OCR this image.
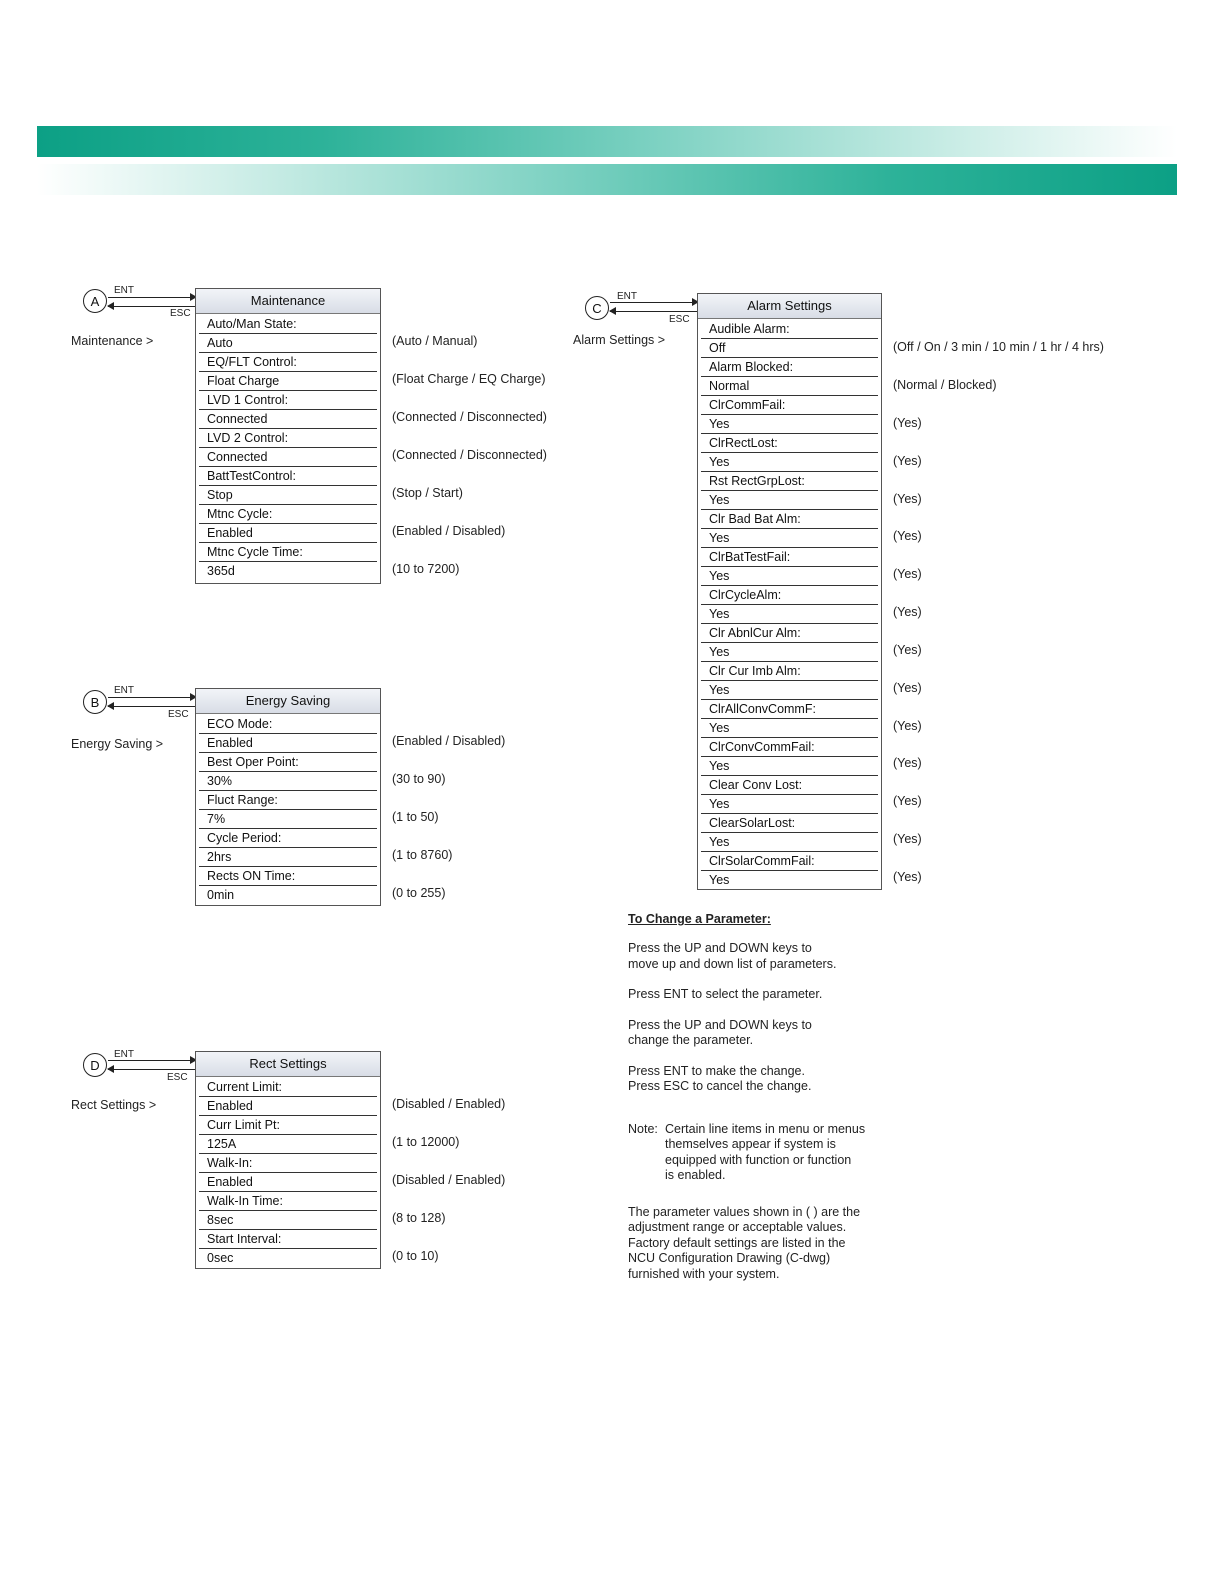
A
ENT
ESC
Maintenance >
Maintenance
Auto/Man State:
Auto
EQ/FLT Control:
Float Charge
LVD 1 Control:
Connected
LVD 2 Control:
Connected
BattTestControl:
Stop
Mtnc Cycle:
Enabled
Mtnc Cycle Time:
365d
(Auto / Manual)
(Float Charge / EQ Charge)
(Connected / Disconnected)
(Connected / Disconnected)
(Stop / Start)
(Enabled / Disabled)
(10 to 7200)
B
ENT
ESC
Energy Saving >
Energy Saving
ECO Mode:
Enabled
Best Oper Point:
30%
Fluct Range:
7%
Cycle Period:
2hrs
Rects ON Time:
0min
(Enabled / Disabled)
(30 to 90)
(1 to 50)
(1 to 8760)
(0 to 255)
C
ENT
ESC
Alarm Settings >
Alarm Settings
Audible Alarm:
Off
Alarm Blocked:
Normal
ClrCommFail:
Yes
ClrRectLost:
Yes
Rst RectGrpLost:
Yes
Clr Bad Bat Alm:
Yes
ClrBatTestFail:
Yes
ClrCycleAlm:
Yes
Clr AbnlCur Alm:
Yes
Clr Cur Imb Alm:
Yes
ClrAllConvCommF:
Yes
ClrConvCommFail:
Yes
Clear Conv Lost:
Yes
ClearSolarLost:
Yes
ClrSolarCommFail:
Yes
(Off / On / 3 min / 10 min / 1 hr / 4 hrs)
(Normal / Blocked)
(Yes)
(Yes)
(Yes)
(Yes)
(Yes)
(Yes)
(Yes)
(Yes)
(Yes)
(Yes)
(Yes)
(Yes)
(Yes)
D
ENT
ESC
Rect Settings >
Rect Settings
Current Limit:
Enabled
Curr Limit Pt:
125A
Walk-In:
Enabled
Walk-In Time:
8sec
Start Interval:
0sec
(Disabled / Enabled)
(1 to 12000)
(Disabled / Enabled)
(8 to 128)
(0 to 10)
To Change a Parameter:

Press the UP and DOWN keys to
move up and down list of parameters.

Press ENT to select the parameter.

Press the UP and DOWN keys to
change the parameter.

Press ENT to make the change.
Press ESC to cancel the change.

Note: Certain line items in menu or menus
themselves appear if system is
equipped with function or function
is enabled.

The parameter values shown in ( ) are the
adjustment range or acceptable values.
Factory default settings are listed in the
NCU Configuration Drawing (C-dwg)
furnished with your system.
